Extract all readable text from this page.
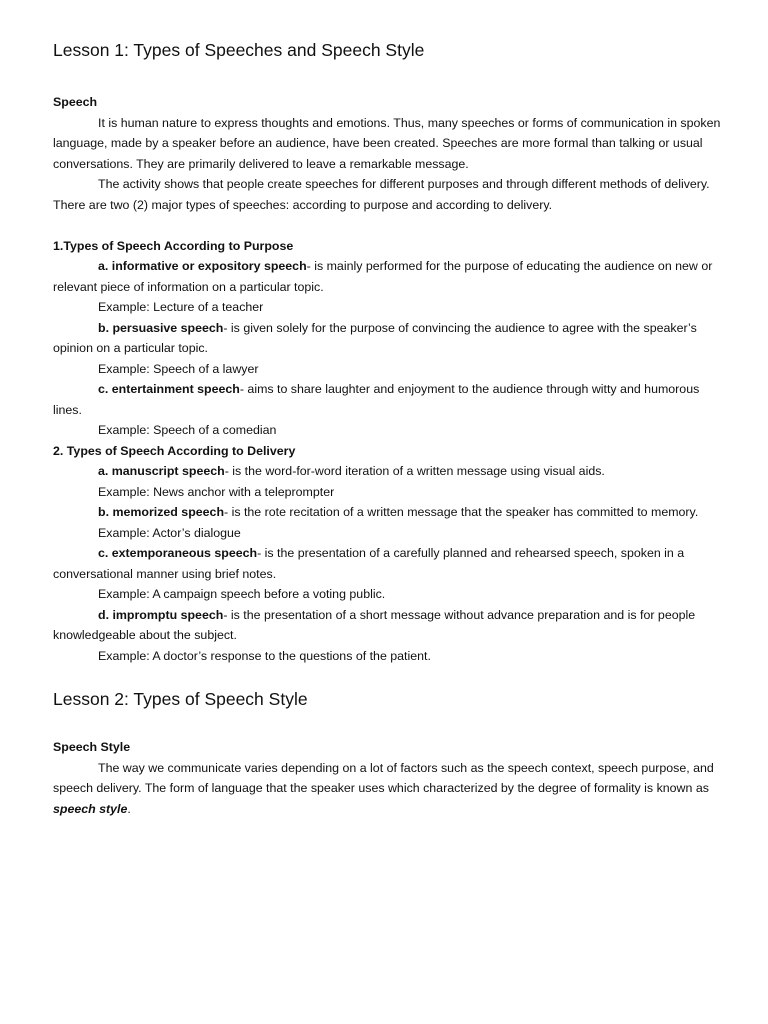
Lesson 1: Types of Speeches and Speech Style
Speech

It is human nature to express thoughts and emotions. Thus, many speeches or forms of communication in spoken language, made by a speaker before an audience, have been created. Speeches are more formal than talking or usual conversations. They are primarily delivered to leave a remarkable message.

The activity shows that people create speeches for different purposes and through different methods of delivery. There are two (2) major types of speeches: according to purpose and according to delivery.

1.Types of Speech According to Purpose

a. informative or expository speech- is mainly performed for the purpose of educating the audience on new or relevant piece of information on a particular topic.

Example: Lecture of a teacher

b. persuasive speech- is given solely for the purpose of convincing the audience to agree with the speaker’s opinion on a particular topic.

Example: Speech of a lawyer

c. entertainment speech- aims to share laughter and enjoyment to the audience through witty and humorous lines.

Example: Speech of a comedian

2. Types of Speech According to Delivery

a. manuscript speech- is the word-for-word iteration of a written message using visual aids.

Example: News anchor with a teleprompter

b. memorized speech- is the rote recitation of a written message that the speaker has committed to memory.

Example: Actor’s dialogue

c. extemporaneous speech- is the presentation of a carefully planned and rehearsed speech, spoken in a conversational manner using brief notes.

Example: A campaign speech before a voting public.

d. impromptu speech- is the presentation of a short message without advance preparation and is for people knowledgeable about the subject.

Example: A doctor’s response to the questions of the patient.

Lesson 2: Types of Speech Style
Speech Style

The way we communicate varies depending on a lot of factors such as the speech context, speech purpose, and speech delivery. The form of language that the speaker uses which characterized by the degree of formality is known as speech style.
